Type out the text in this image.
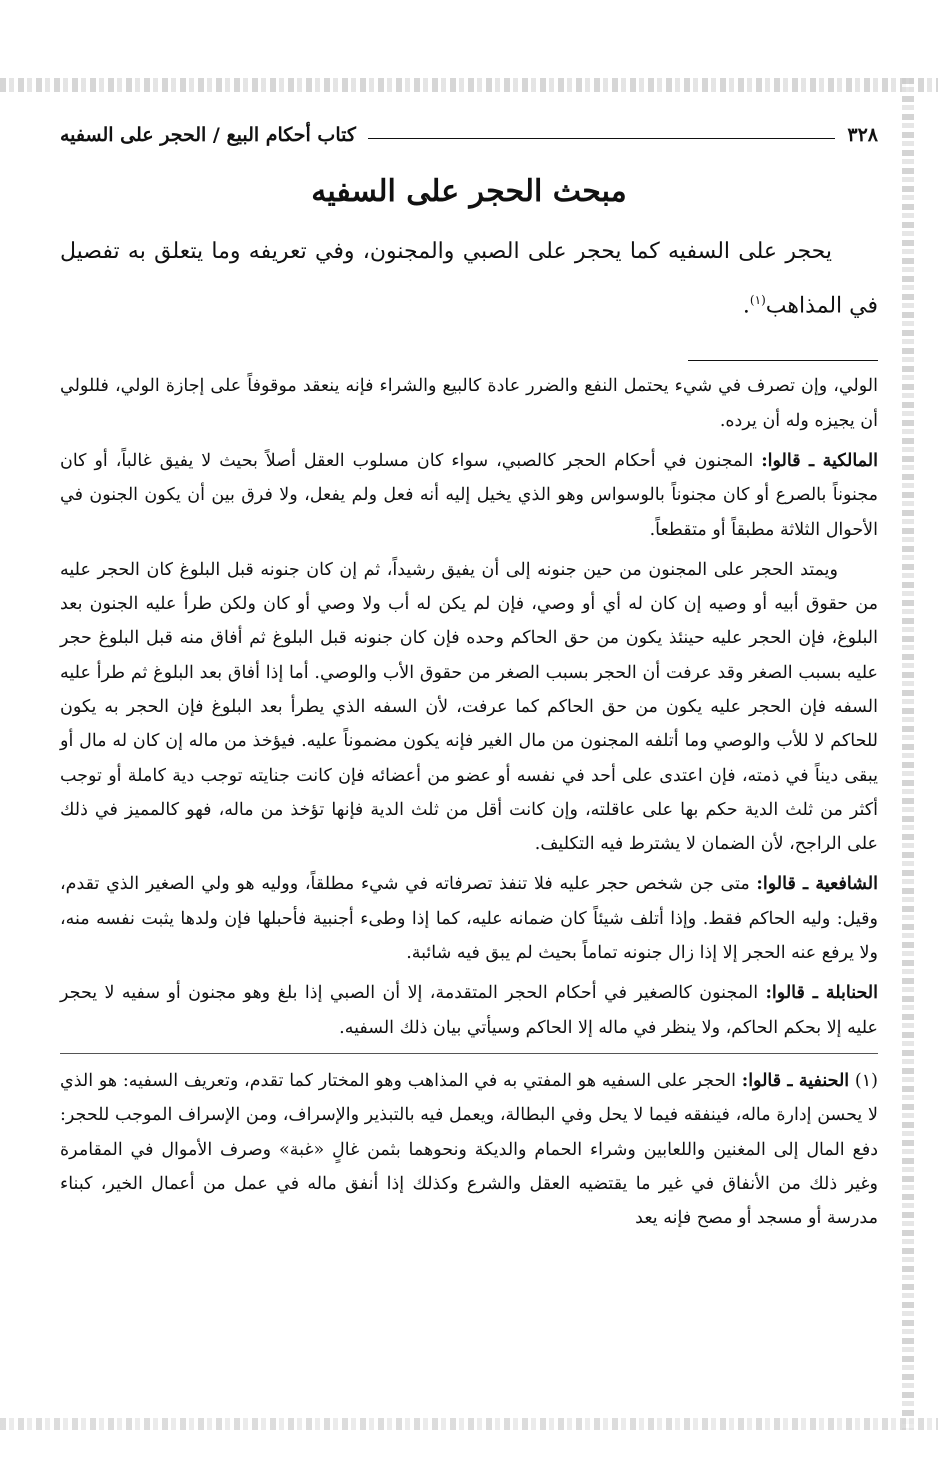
٣٢٨
كتاب أحكام البيع / الحجر على السفيه
مبحث الحجر على السفيه

يحجر على السفيه كما يحجر على الصبي والمجنون، وفي تعريفه وما يتعلق به تفصيل في المذاهب$^{(١)}$.

الولي، وإن تصرف في شيء يحتمل النفع والضرر عادة كالبيع والشراء فإنه ينعقد موقوفاً على إجازة الولي، فللولي أن يجيزه وله أن يرده.

المالكية ـ قالوا: المجنون في أحكام الحجر كالصبي، سواء كان مسلوب العقل أصلاً بحيث لا يفيق غالباً، أو كان مجنوناً بالصرع أو كان مجنوناً بالوسواس وهو الذي يخيل إليه أنه فعل ولم يفعل، ولا فرق بين أن يكون الجنون في الأحوال الثلاثة مطبقاً أو متقطعاً.

ويمتد الحجر على المجنون من حين جنونه إلى أن يفيق رشيداً، ثم إن كان جنونه قبل البلوغ كان الحجر عليه من حقوق أبيه أو وصيه إن كان له أي أو وصي، فإن لم يكن له أب ولا وصي أو كان ولكن طرأ عليه الجنون بعد البلوغ، فإن الحجر عليه حينئذ يكون من حق الحاكم وحده فإن كان جنونه قبل البلوغ ثم أفاق منه قبل البلوغ حجر عليه بسبب الصغر وقد عرفت أن الحجر بسبب الصغر من حقوق الأب والوصي. أما إذا أفاق بعد البلوغ ثم طرأ عليه السفه فإن الحجر عليه يكون من حق الحاكم كما عرفت، لأن السفه الذي يطرأ بعد البلوغ فإن الحجر به يكون للحاكم لا للأب والوصي وما أتلفه المجنون من مال الغير فإنه يكون مضموناً عليه. فيؤخذ من ماله إن كان له مال أو يبقى ديناً في ذمته، فإن اعتدى على أحد في نفسه أو عضو من أعضائه فإن كانت جنايته توجب دية كاملة أو توجب أكثر من ثلث الدية حكم بها على عاقلته، وإن كانت أقل من ثلث الدية فإنها تؤخذ من ماله، فهو كالمميز في ذلك على الراجح، لأن الضمان لا يشترط فيه التكليف.

الشافعية ـ قالوا: متى جن شخص حجر عليه فلا تنفذ تصرفاته في شيء مطلقاً، ووليه هو ولي الصغير الذي تقدم، وقيل: وليه الحاكم فقط. وإذا أتلف شيئاً كان ضمانه عليه، كما إذا وطىء أجنبية فأحبلها فإن ولدها يثبت نفسه منه، ولا يرفع عنه الحجر إلا إذا زال جنونه تماماً بحيث لم يبق فيه شائبة.

الحنابلة ـ قالوا: المجنون كالصغير في أحكام الحجر المتقدمة، إلا أن الصبي إذا بلغ وهو مجنون أو سفيه لا يحجر عليه إلا بحكم الحاكم، ولا ينظر في ماله إلا الحاكم وسيأتي بيان ذلك السفيه.

(١) الحنفية ـ قالوا: الحجر على السفيه هو المفتي به في المذاهب وهو المختار كما تقدم، وتعريف السفيه: هو الذي لا يحسن إدارة ماله، فينفقه فيما لا يحل وفي البطالة، ويعمل فيه بالتبذير والإسراف، ومن الإسراف الموجب للحجر: دفع المال إلى المغنين واللعابين وشراء الحمام والديكة ونحوهما بثمن غالٍ «غبة» وصرف الأموال في المقامرة وغير ذلك من الأنفاق في غير ما يقتضيه العقل والشرع وكذلك إذا أنفق ماله في عمل من أعمال الخير، كبناء مدرسة أو مسجد أو مصح فإنه يعد
